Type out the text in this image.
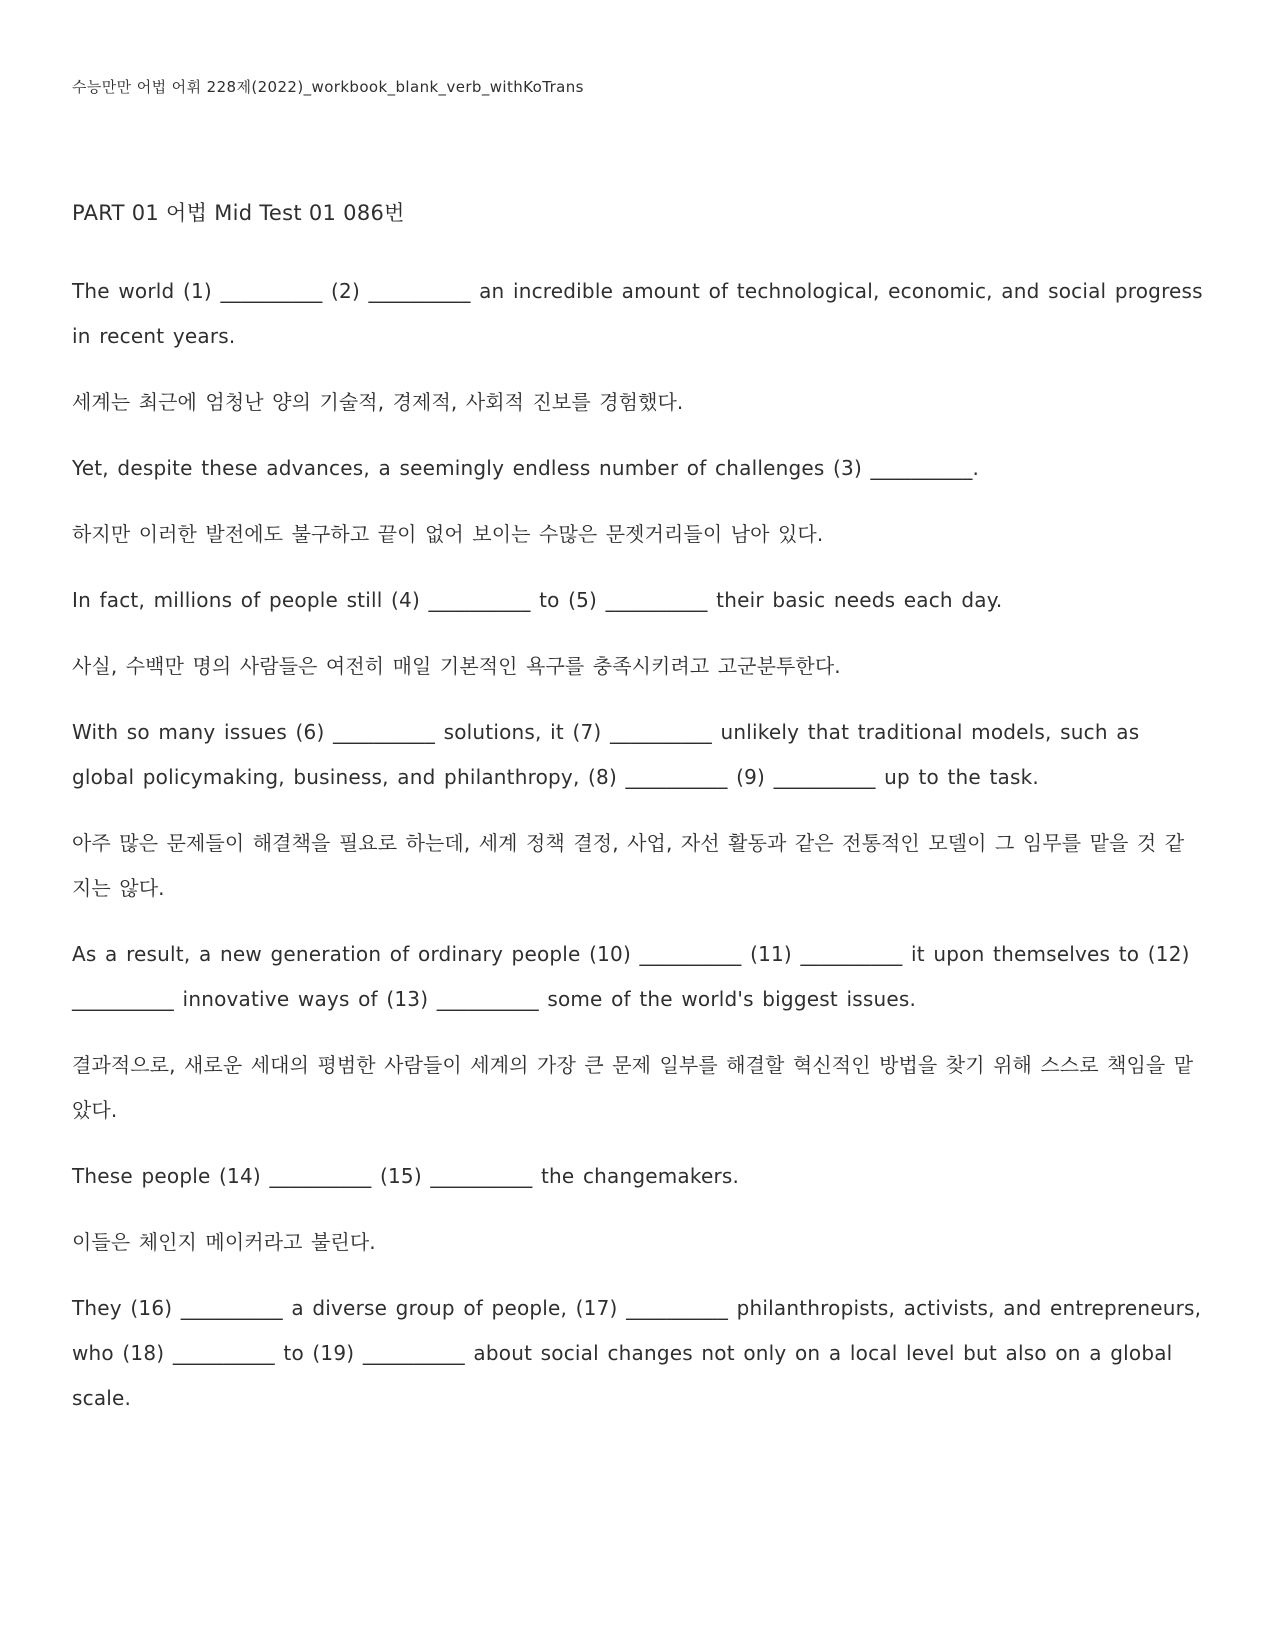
수능만만 어법 어휘 228제(2022)_workbook_blank_verb_withKoTrans
PART 01 어법 Mid Test 01 086번

The world (1) __________ (2) __________ an incredible amount of technological, economic, and social progress in recent years.

세계는 최근에 엄청난 양의 기술적, 경제적, 사회적 진보를 경험했다.

Yet, despite these advances, a seemingly endless number of challenges (3) __________.

하지만 이러한 발전에도 불구하고 끝이 없어 보이는 수많은 문젯거리들이 남아 있다.

In fact, millions of people still (4) __________ to (5) __________ their basic needs each day.

사실, 수백만 명의 사람들은 여전히 매일 기본적인 욕구를 충족시키려고 고군분투한다.

With so many issues (6) __________ solutions, it (7) __________ unlikely that traditional models, such as global policymaking, business, and philanthropy, (8) __________ (9) __________ up to the task.

아주 많은 문제들이 해결책을 필요로 하는데, 세계 정책 결정, 사업, 자선 활동과 같은 전통적인 모델이 그 임무를 맡을 것 같지는 않다.

As a result, a new generation of ordinary people (10) __________ (11) __________ it upon themselves to (12) __________ innovative ways of (13) __________ some of the world's biggest issues.

결과적으로, 새로운 세대의 평범한 사람들이 세계의 가장 큰 문제 일부를 해결할 혁신적인 방법을 찾기 위해 스스로 책임을 맡았다.

These people (14) __________ (15) __________ the changemakers.

이들은 체인지 메이커라고 불린다.

They (16) __________ a diverse group of people, (17) __________ philanthropists, activists, and entrepreneurs, who (18) __________ to (19) __________ about social changes not only on a local level but also on a global scale.
